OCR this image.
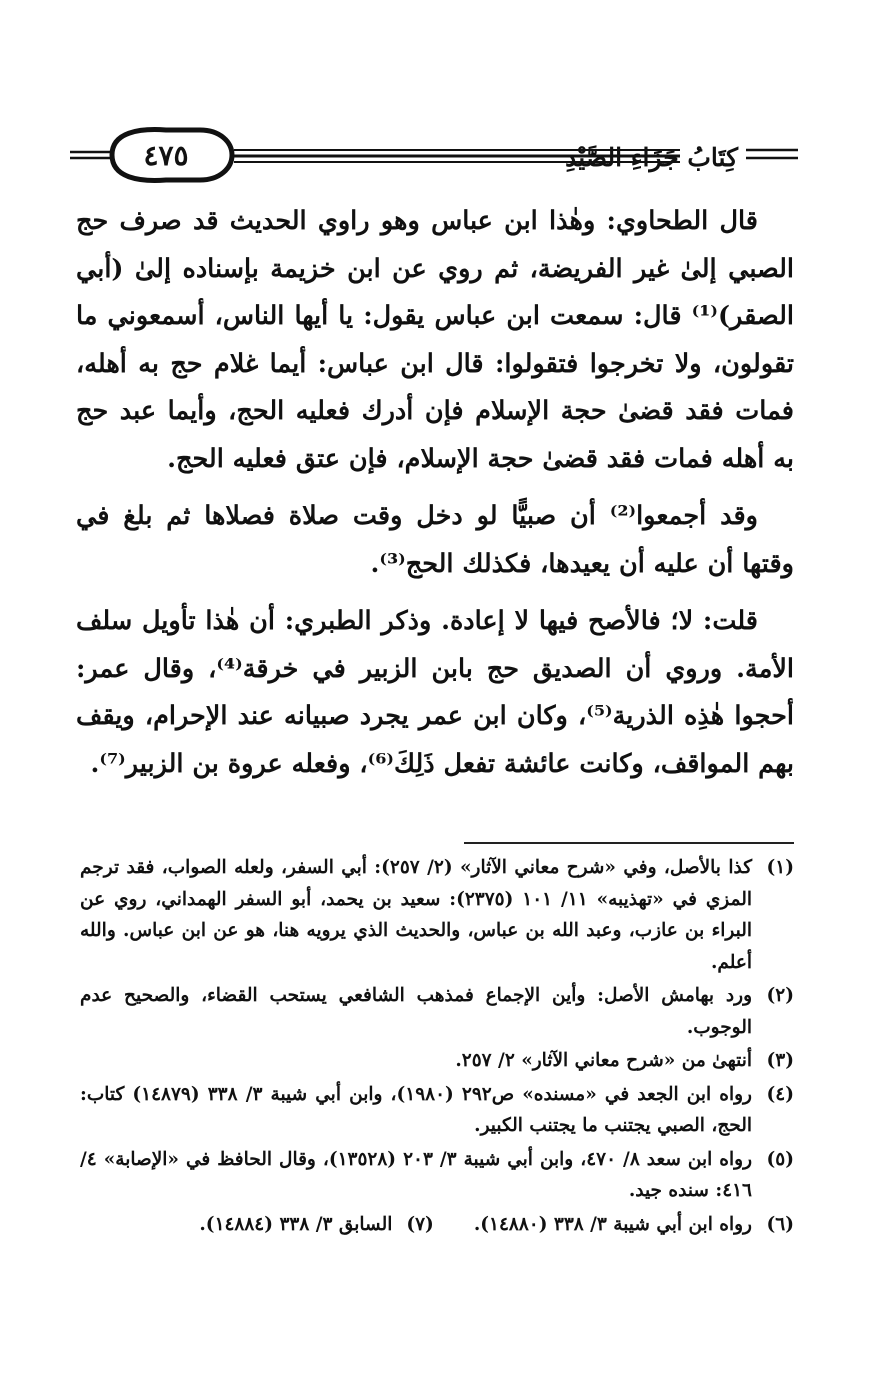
٤٧٥	كِتَابُ جَزَاءِ الصَّيْدِ

قال الطحاوي: وهٰذا ابن عباس وهو راوي الحديث قد صرف حج الصبي إلىٰ غير الفريضة، ثم روي عن ابن خزيمة بإسناده إلىٰ (أبي الصقر)⁽¹⁾ قال: سمعت ابن عباس يقول: يا أيها الناس، أسمعوني ما تقولون، ولا تخرجوا فتقولوا: قال ابن عباس: أيما غلام حج به أهله، فمات فقد قضىٰ حجة الإسلام فإن أدرك فعليه الحج، وأيما عبد حج به أهله فمات فقد قضىٰ حجة الإسلام، فإن عتق فعليه الحج.

وقد أجمعوا⁽²⁾ أن صبيًّا لو دخل وقت صلاة فصلاها ثم بلغ في وقتها أن عليه أن يعيدها، فكذلك الحج⁽³⁾.

قلت: لا؛ فالأصح فيها لا إعادة. وذكر الطبري: أن هٰذا تأويل سلف الأمة. وروي أن الصديق حج بابن الزبير في خرقة⁽⁴⁾، وقال عمر: أحجوا هٰذِه الذرية⁽⁵⁾، وكان ابن عمر يجرد صبيانه عند الإحرام، ويقف بهم المواقف، وكانت عائشة تفعل ذَلِكَ⁽⁶⁾، وفعله عروة بن الزبير⁽⁷⁾.

(١)
كذا بالأصل، وفي «شرح معاني الآثار» (٢/ ٢٥٧): أبي السفر، ولعله الصواب، فقد ترجم المزي في «تهذيبه» ١١/ ١٠١ (٢٣٧٥): سعيد بن يحمد، أبو السفر الهمداني، روي عن البراء بن عازب، وعبد الله بن عباس، والحديث الذي يرويه هنا، هو عن ابن عباس. والله أعلم.
(٢)
ورد بهامش الأصل: وأين الإجماع فمذهب الشافعي يستحب القضاء، والصحيح عدم الوجوب.
(٣)
أنتهىٰ من «شرح معاني الآثار» ٢/ ٢٥٧.
(٤)
رواه ابن الجعد في «مسنده» ص٢٩٢ (١٩٨٠)، وابن أبي شيبة ٣/ ٣٣٨ (١٤٨٧٩) كتاب: الحج، الصبي يجتنب ما يجتنب الكبير.
(٥)
رواه ابن سعد ٨/ ٤٧٠، وابن أبي شيبة ٣/ ٢٠٣ (١٣٥٢٨)، وقال الحافظ في «الإصابة» ٤/ ٤١٦: سنده جيد.
(٦)
رواه ابن أبي شيبة ٣/ ٣٣٨ (١٤٨٨٠).
(٧)
السابق ٣/ ٣٣٨ (١٤٨٨٤).
